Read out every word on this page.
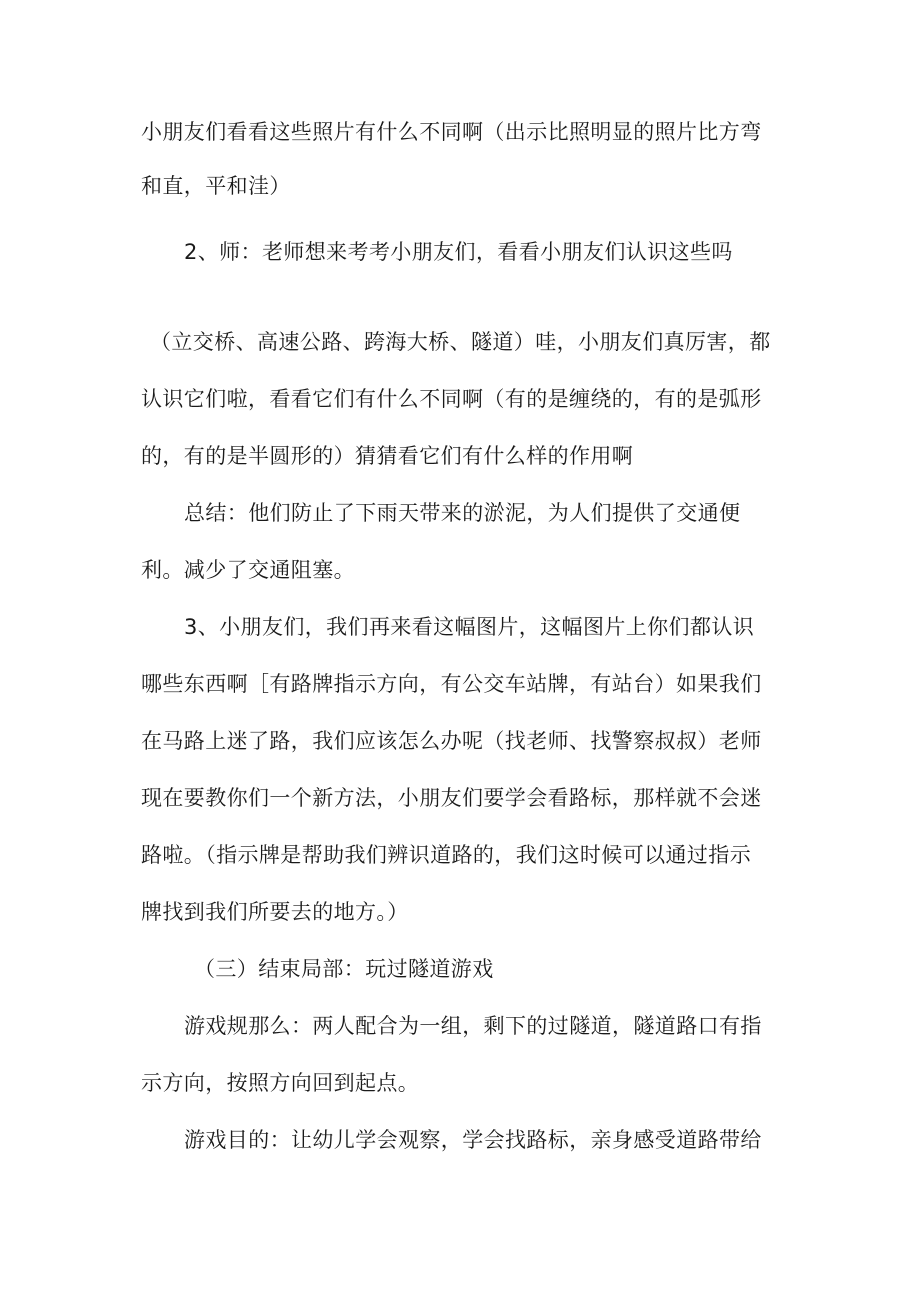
小朋友们看看这些照片有什么不同啊（出示比照明显的照片比方弯
和直，平和洼）
2、师：老师想来考考小朋友们，看看小朋友们认识这些吗
（立交桥、高速公路、跨海大桥、隧道）哇，小朋友们真厉害，都
认识它们啦，看看它们有什么不同啊（有的是缠绕的，有的是弧形
的，有的是半圆形的）猜猜看它们有什么样的作用啊
总结：他们防止了下雨天带来的淤泥，为人们提供了交通便
利。减少了交通阻塞。
3、小朋友们，我们再来看这幅图片，这幅图片上你们都认识
哪些东西啊［有路牌指示方向，有公交车站牌，有站台）如果我们
在马路上迷了路，我们应该怎么办呢（找老师、找警察叔叔）老师
现在要教你们一个新方法，小朋友们要学会看路标，那样就不会迷
路啦。（指示牌是帮助我们辨识道路的，我们这时候可以通过指示
牌找到我们所要去的地方。）
（三）结束局部：玩过隧道游戏
游戏规那么：两人配合为一组，剩下的过隧道，隧道路口有指
示方向，按照方向回到起点。
游戏目的：让幼儿学会观察，学会找路标，亲身感受道路带给
